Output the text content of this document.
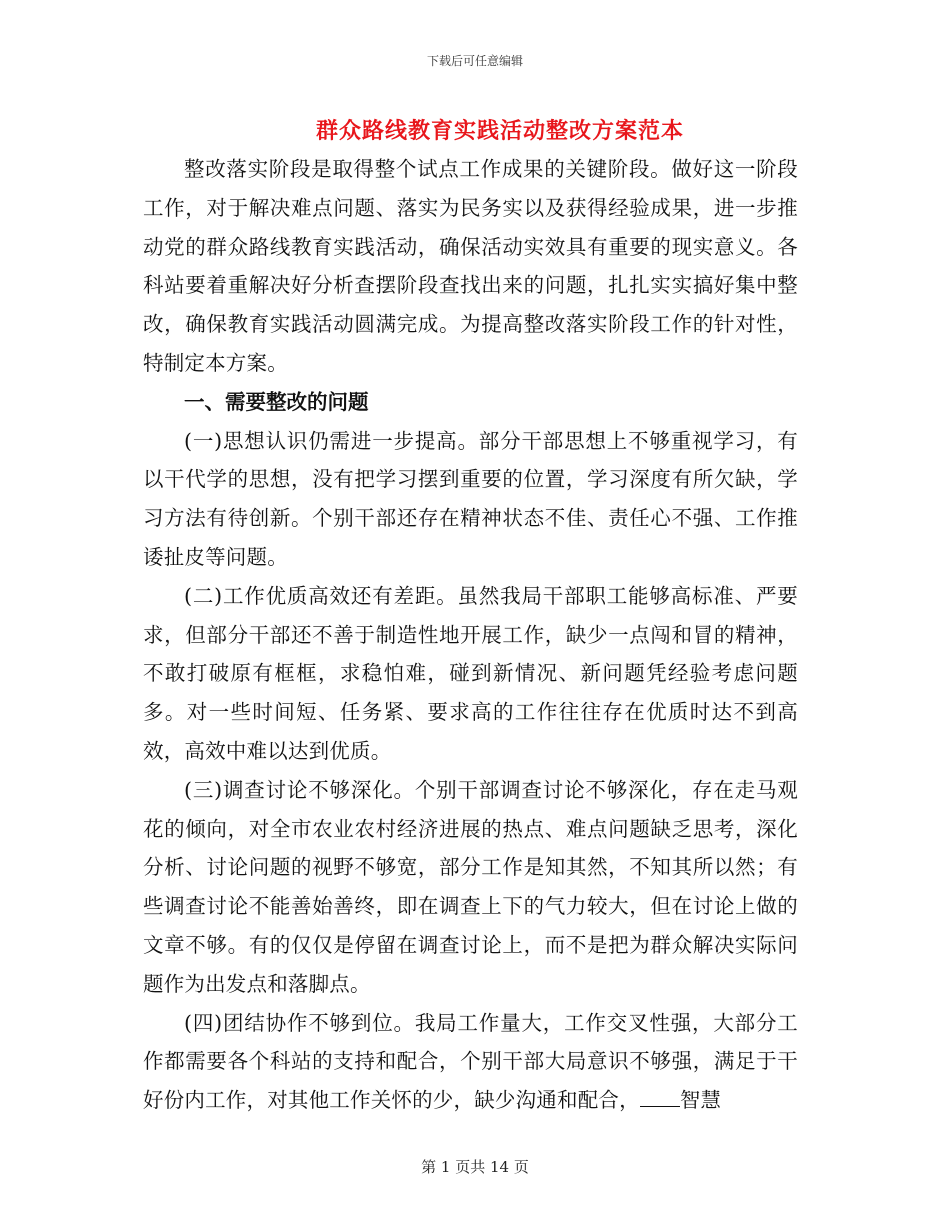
下载后可任意编辑
群众路线教育实践活动整改方案范本

整改落实阶段是取得整个试点工作成果的关键阶段。做好这一阶段工作，对于解决难点问题、落实为民务实以及获得经验成果，进一步推动党的群众路线教育实践活动，确保活动实效具有重要的现实意义。各科站要着重解决好分析查摆阶段查找出来的问题，扎扎实实搞好集中整改，确保教育实践活动圆满完成。为提高整改落实阶段工作的针对性，特制定本方案。

一、需要整改的问题

(一)思想认识仍需进一步提高。部分干部思想上不够重视学习，有以干代学的思想，没有把学习摆到重要的位置，学习深度有所欠缺，学习方法有待创新。个别干部还存在精神状态不佳、责任心不强、工作推诿扯皮等问题。

(二)工作优质高效还有差距。虽然我局干部职工能够高标准、严要求，但部分干部还不善于制造性地开展工作，缺少一点闯和冒的精神，不敢打破原有框框，求稳怕难，碰到新情况、新问题凭经验考虑问题多。对一些时间短、任务紧、要求高的工作往往存在优质时达不到高效，高效中难以达到优质。

(三)调查讨论不够深化。个别干部调查讨论不够深化，存在走马观花的倾向，对全市农业农村经济进展的热点、难点问题缺乏思考，深化分析、讨论问题的视野不够宽，部分工作是知其然，不知其所以然；有些调查讨论不能善始善终，即在调查上下的气力较大，但在讨论上做的文章不够。有的仅仅是停留在调查讨论上，而不是把为群众解决实际问题作为出发点和落脚点。

(四)团结协作不够到位。我局工作量大，工作交叉性强，大部分工作都需要各个科站的支持和配合，个别干部大局意识不够强，满足于干好份内工作，对其他工作关怀的少，缺少沟通和配合， 智慧

第 1 页共 14 页
